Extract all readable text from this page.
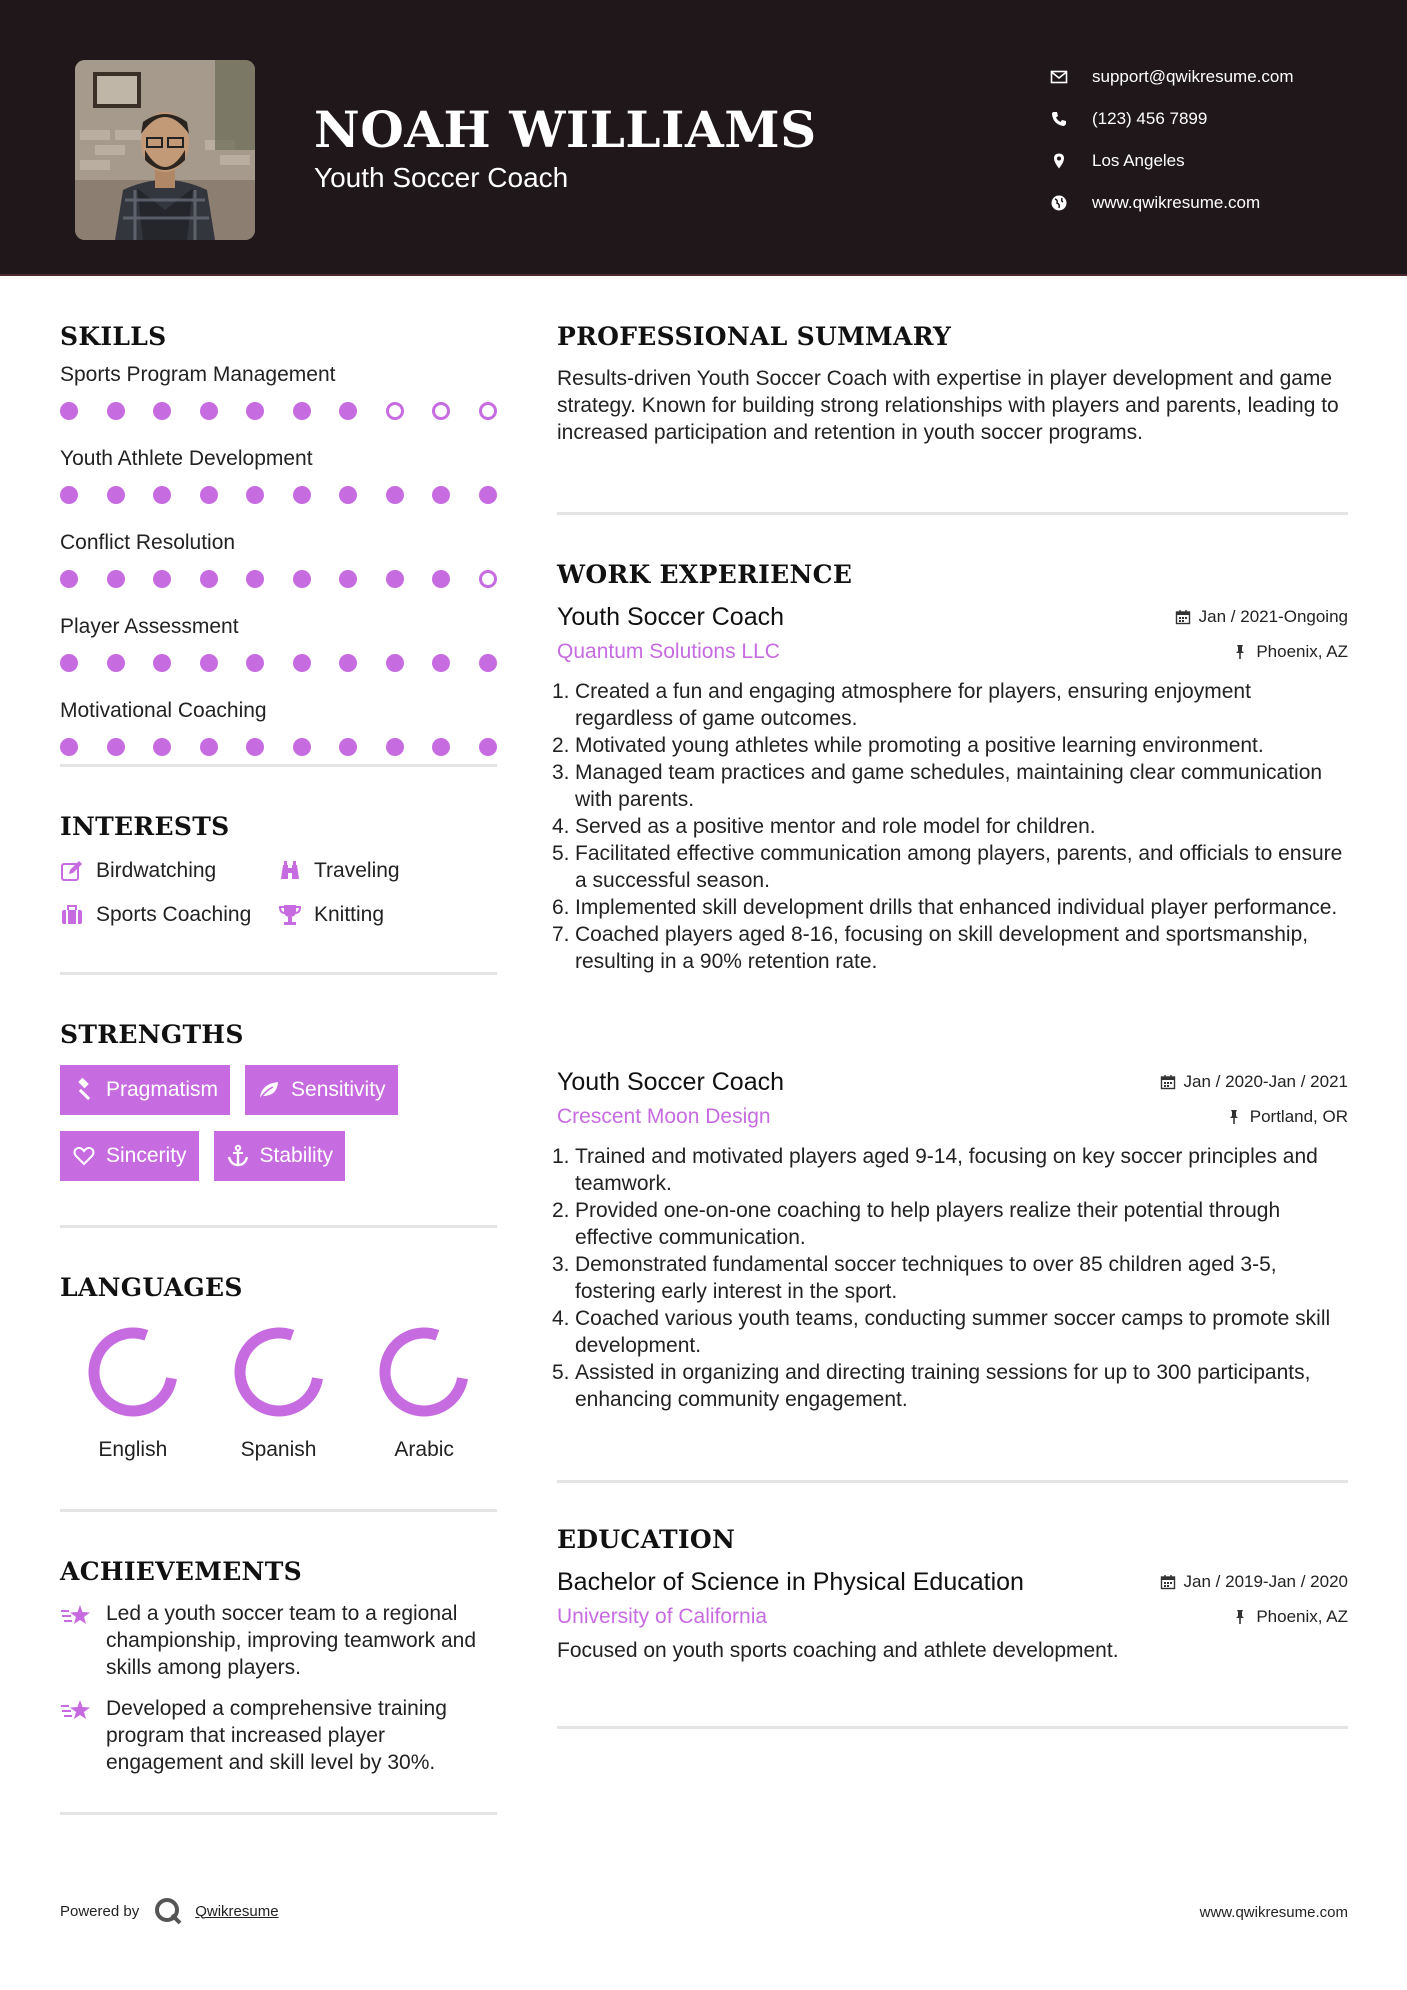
NOAH WILLIAMS
Youth Soccer Coach
support@qwikresume.com
(123) 456 7899
Los Angeles
www.qwikresume.com
SKILLS
Sports Program Management
Youth Athlete Development
Conflict Resolution
Player Assessment
Motivational Coaching
INTERESTS
Birdwatching	Traveling
Sports Coaching	Knitting
STRENGTHS
Pragmatism	Sensitivity
Sincerity	Stability
LANGUAGES
English	Spanish	Arabic
ACHIEVEMENTS
Led a youth soccer team to a regional championship, improving teamwork and skills among players.
Developed a comprehensive training program that increased player engagement and skill level by 30%.
PROFESSIONAL SUMMARY
Results-driven Youth Soccer Coach with expertise in player development and game strategy. Known for building strong relationships with players and parents, leading to increased participation and retention in youth soccer programs.
WORK EXPERIENCE
Youth Soccer Coach	Jan / 2021-Ongoing
Quantum Solutions LLC	Phoenix, AZ
1. Created a fun and engaging atmosphere for players, ensuring enjoyment regardless of game outcomes.
2. Motivated young athletes while promoting a positive learning environment.
3. Managed team practices and game schedules, maintaining clear communication with parents.
4. Served as a positive mentor and role model for children.
5. Facilitated effective communication among players, parents, and officials to ensure a successful season.
6. Implemented skill development drills that enhanced individual player performance.
7. Coached players aged 8-16, focusing on skill development and sportsmanship, resulting in a 90% retention rate.
Youth Soccer Coach	Jan / 2020-Jan / 2021
Crescent Moon Design	Portland, OR
1. Trained and motivated players aged 9-14, focusing on key soccer principles and teamwork.
2. Provided one-on-one coaching to help players realize their potential through effective communication.
3. Demonstrated fundamental soccer techniques to over 85 children aged 3-5, fostering early interest in the sport.
4. Coached various youth teams, conducting summer soccer camps to promote skill development.
5. Assisted in organizing and directing training sessions for up to 300 participants, enhancing community engagement.
EDUCATION
Bachelor of Science in Physical Education	Jan / 2019-Jan / 2020
University of California	Phoenix, AZ
Focused on youth sports coaching and athlete development.
Powered by	Qwikresume	www.qwikresume.com
